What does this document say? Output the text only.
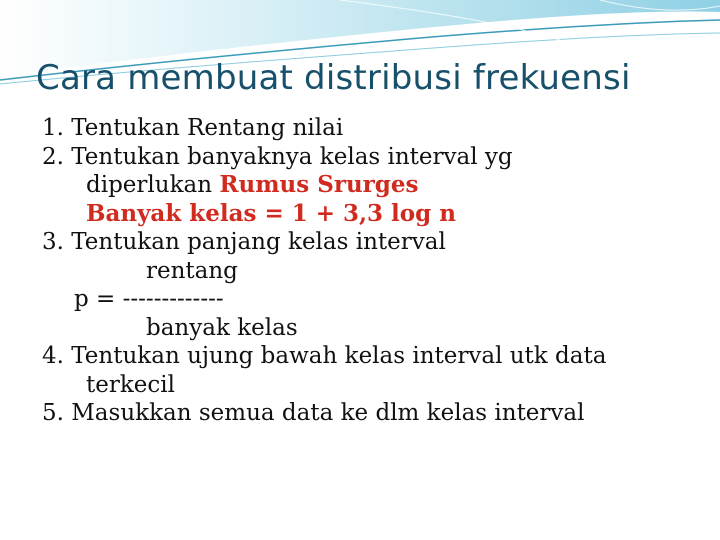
Cara membuat distribusi frekuensi
1. Tentukan Rentang nilai
2. Tentukan banyaknya kelas interval yg
diperlukan Rumus Srurges
Banyak kelas = 1 + 3,3 log n
3. Tentukan panjang kelas interval
rentang
p = -------------
banyak kelas
4. Tentukan ujung bawah kelas interval utk data
terkecil
5. Masukkan semua data ke dlm kelas interval
